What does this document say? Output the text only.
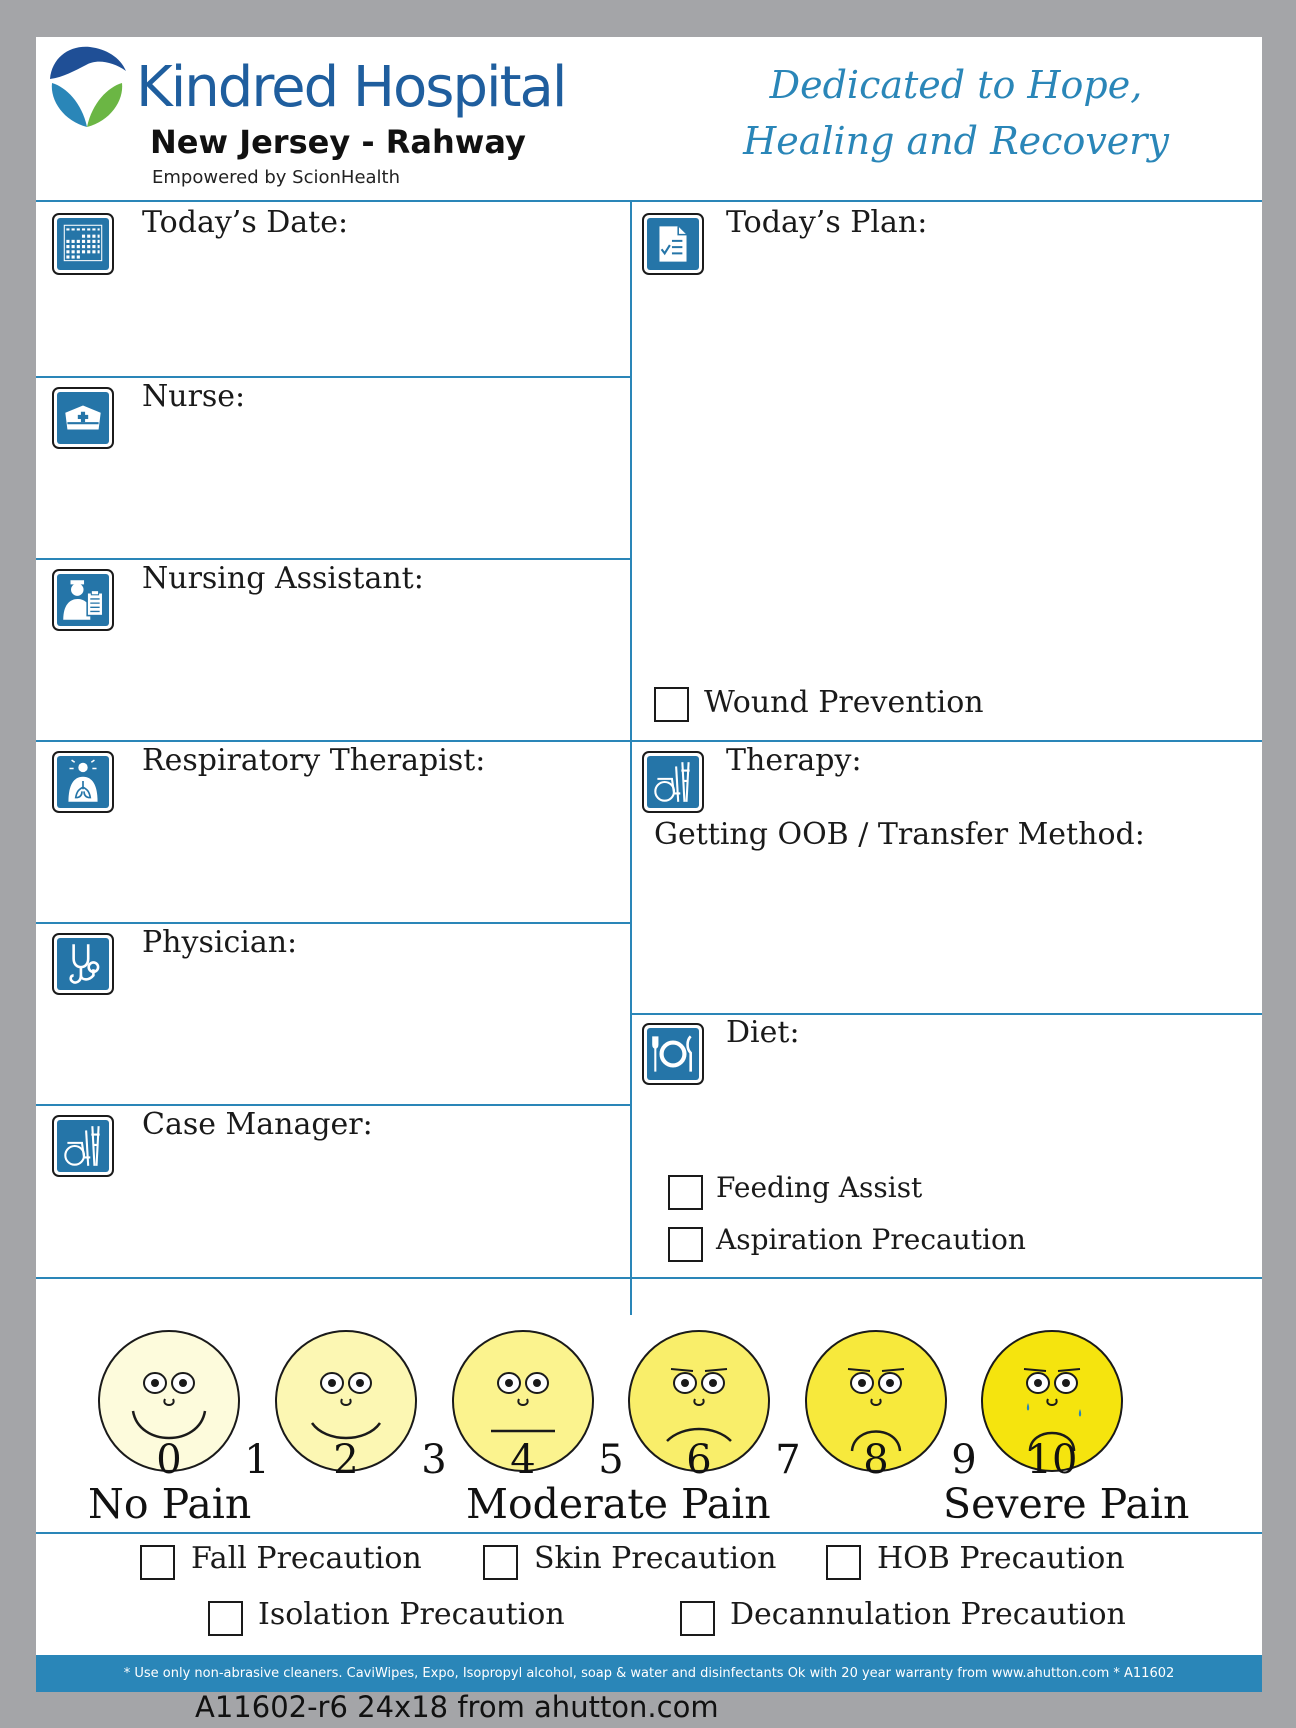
Kindred Hospital
New Jersey - Rahway
Empowered by ScionHealth
Dedicated to Hope,
Healing and Recovery
Today’s Date:
Nurse:
Nursing Assistant:
Respiratory Therapist:
Physician:
Case Manager:
Today’s Plan:
Wound Prevention
Therapy:
Getting OOB / Transfer Method:
Diet:
Feeding Assist
Aspiration Precaution
0	1	2	3	4	5	6	7	8	9	10
No Pain	Moderate Pain	Severe Pain
Fall Precaution	Skin Precaution	HOB Precaution
Isolation Precaution	Decannulation Precaution
* Use only non-abrasive cleaners. CaviWipes, Expo, Isopropyl alcohol, soap & water and disinfectants Ok with 20 year warranty from www.ahutton.com * A11602
A11602-r6 24x18 from ahutton.com
